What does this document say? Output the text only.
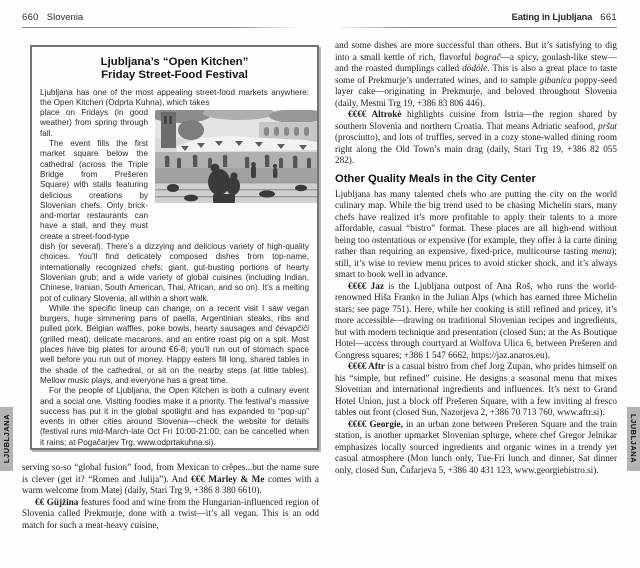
660 Slovenia	Eating in Ljubljana 661
Ljubljana’s “Open Kitchen”
Friday Street-Food Festival

Ljubljana has one of the most appealing street-food markets anywhere: the Open Kitchen (Odprta Kuhna), which takes

place on Fridays (in good weather) from spring through fall.

The event fills the first market square below the cathedral (across the Triple Bridge from Prešeren Square) with stalls featuring delicious creations by Slovenian chefs. Only brick-and-mortar restaurants can have a stall, and they must create a street-food-type

dish (or several). There’s a dizzying and delicious variety of high-quality choices. You’ll find delicately composed dishes from top-name, internationally recognized chefs; giant, gut-busting portions of hearty Slovenian grub; and a wide variety of global cuisines (including Indian, Chinese, Iranian, South American, Thai, African, and so on). It’s a melting pot of culinary Slovenia, all within a short walk.

While the specific lineup can change, on a recent visit I saw vegan burgers, huge simmering pans of paella, Argentinian steaks, ribs and pulled pork, Belgian waffles, poke bowls, hearty sausages and čevapčiči (grilled meat), delicate macarons, and an entire roast pig on a spit. Most places have big plates for around €6-8; you’ll run out of stomach space well before you run out of money. Happy eaters fill long, shared tables in the shade of the cathedral, or sit on the nearby steps (at little tables). Mellow music plays, and everyone has a great time.

For the people of Ljubljana, the Open Kitchen is both a culinary event and a social one. Visiting foodies make it a priority. The festival’s massive success has put it in the global spotlight and has expanded to “pop-up” events in other cities around Slovenia—check the website for details (festival runs mid-March-late Oct Fri 10:00-21:00; can be cancelled when it rains; at Pogačarjev Trg, www.odprtakuhna.si).

serving so-so “global fusion” food, from Mexican to crêpes...but the name sure is clever (get it? “Romeo and Julija”). And €€€ Marley & Me comes with a warm welcome from Matej (daily, Stari Trg 9, +386 8 380 6610).

€€ Güjžina features food and wine from the Hungarian-influenced region of Slovenia called Prekmurje, done with a twist—it’s all vegan. This is an odd match for such a meat-heavy cuisine,

and some dishes are more successful than others. But it’s satisfying to dig into a small kettle of rich, flavorful bograč—a spicy, goulash-like stew—and the roasted dumplings called dödöle. This is also a great place to taste some of Prekmurje’s underrated wines, and to sample gibanica poppy-seed layer cake—originating in Prekmurje, and beloved throughout Slovenia (daily, Mestni Trg 19, +386 83 806 446).

€€€€ Altrokè highlights cuisine from Istria—the region shared by southern Slovenia and northern Croatia. That means Adriatic seafood, pršut (prosciutto), and lots of truffles, served in a cozy stone-walled dining room right along the Old Town’s main drag (daily, Stari Trg 19, +386 82 055 282).

Other Quality Meals in the City Center

Ljubljana has many talented chefs who are putting the city on the world culinary map. While the big trend used to be chasing Michelin stars, many chefs have realized it’s more profitable to apply their talents to a more affordable, casual “bistro” format. These places are all high-end without being too ostentatious or expensive (for example, they offer à la carte dining rather than requiring an expensive, fixed-price, multicourse tasting menu); still, it’s wise to review menu prices to avoid sticker shock, and it’s always smart to book well in advance.

€€€€ Jaz is the Ljubljana outpost of Ana Roš, who runs the world-renowned Hiša Franko in the Julian Alps (which has earned three Michelin stars; see page 751). Here, while her cooking is still refined and pricey, it’s more accessible—drawing on traditional Slovenian recipes and ingredients, but with modern technique and presentation (closed Sun; at the As Boutique Hotel—access through courtyard at Wolfova Ulica 6, between Prešeren and Congress squares; +386 1 547 6662, https://jaz.anaros.eu).

€€€€ Aftr is a casual bistro from chef Jorg Zupan, who prides himself on his “simple, but refined” cuisine. He designs a seasonal menu that mixes Slovenian and international ingredients and influences. It’s next to Grand Hotel Union, just a block off Prešeren Square, with a few inviting al fresco tables out front (closed Sun, Nazorjeva 2, +386 70 713 760, www.aftr.si).

€€€€ Georgie, in an urban zone between Prešeren Square and the train station, is another upmarket Slovenian splurge, where chef Gregor Jelnikar emphasizes locally sourced ingredients and organic wines in a trendy yet casual atmosphere (Mon lunch only, Tue-Fri lunch and dinner, Sat dinner only, closed Sun, Čufarjeva 5, +386 40 431 123, www.georgiebistro.si).

LJUBLJANA	LJUBLJANA
